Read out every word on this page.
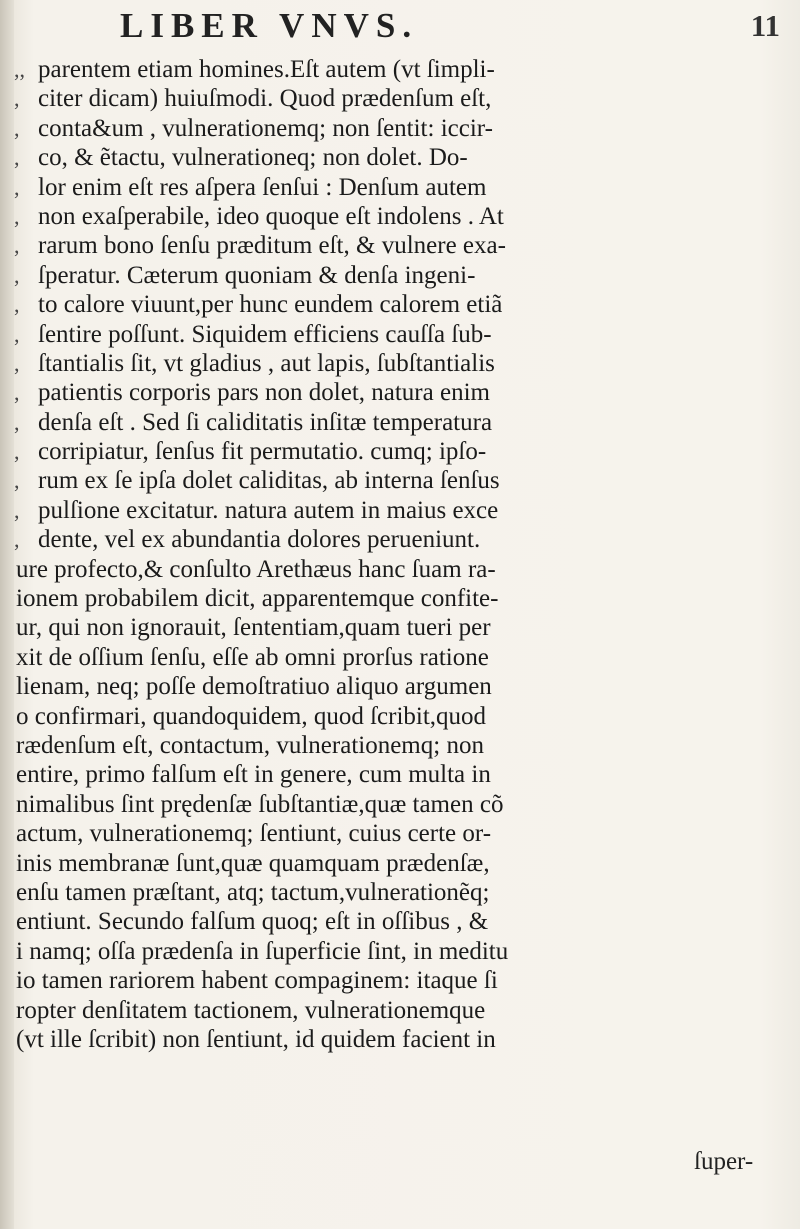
LIBER VNVS.	11
,, parentem etiam homines.Eſt autem (vt ſimpli-
, citer dicam) huiuſmodi. Quod prædenſum eſt,
, conta&um , vulnerationemq; non ſentit: iccir-
, co, & ẽtactu, vulnerationeq; non dolet. Do-
, lor enim eſt res aſpera ſenſui : Denſum autem
, non exaſperabile, ideo quoque eſt indolens . At
, rarum bono ſenſu præditum eſt, & vulnere exa-
, ſperatur. Cæterum quoniam & denſa ingeni-
, to calore viuunt,per hunc eundem calorem etiã
, ſentire poſſunt. Siquidem efficiens cauſſa ſub-
, ſtantialis ſit, vt gladius , aut lapis, ſubſtantialis
, patientis corporis pars non dolet, natura enim
, denſa eſt . Sed ſi caliditatis inſitæ temperatura
, corripiatur, ſenſus fit permutatio. cumq; ipſo-
, rum ex ſe ipſa dolet caliditas, ab interna ſenſus
, pulſione excitatur. natura autem in maius exce
, dente, vel ex abundantia dolores perueniunt.
ure profecto,& conſulto Arethæus hanc ſuam ra-
ionem probabilem dicit, apparentemque confite-
ur, qui non ignorauit, ſententiam,quam tueri per
xit de oſſium ſenſu, eſſe ab omni prorſus ratione
lienam, neq; poſſe demoſtratiuo aliquo argumen
o confirmari, quandoquidem, quod ſcribit,quod
rædenſum eſt, contactum, vulnerationemq; non
entire, primo falſum eſt in genere, cum multa in
nimalibus ſint prędenſæ ſubſtantiæ,quæ tamen cõ
actum, vulnerationemq; ſentiunt, cuius certe or-
inis membranæ ſunt,quæ quamquam prædenſæ,
enſu tamen præſtant, atq; tactum,vulnerationẽq;
entiunt. Secundo falſum quoq; eſt in oſſibus , &
i namq; oſſa prædenſa in ſuperficie ſint, in meditu
io tamen rariorem habent compaginem: itaque ſi
ropter denſitatem tactionem, vulnerationemque
(vt ille ſcribit) non ſentiunt, id quidem facient in
ſuper-
